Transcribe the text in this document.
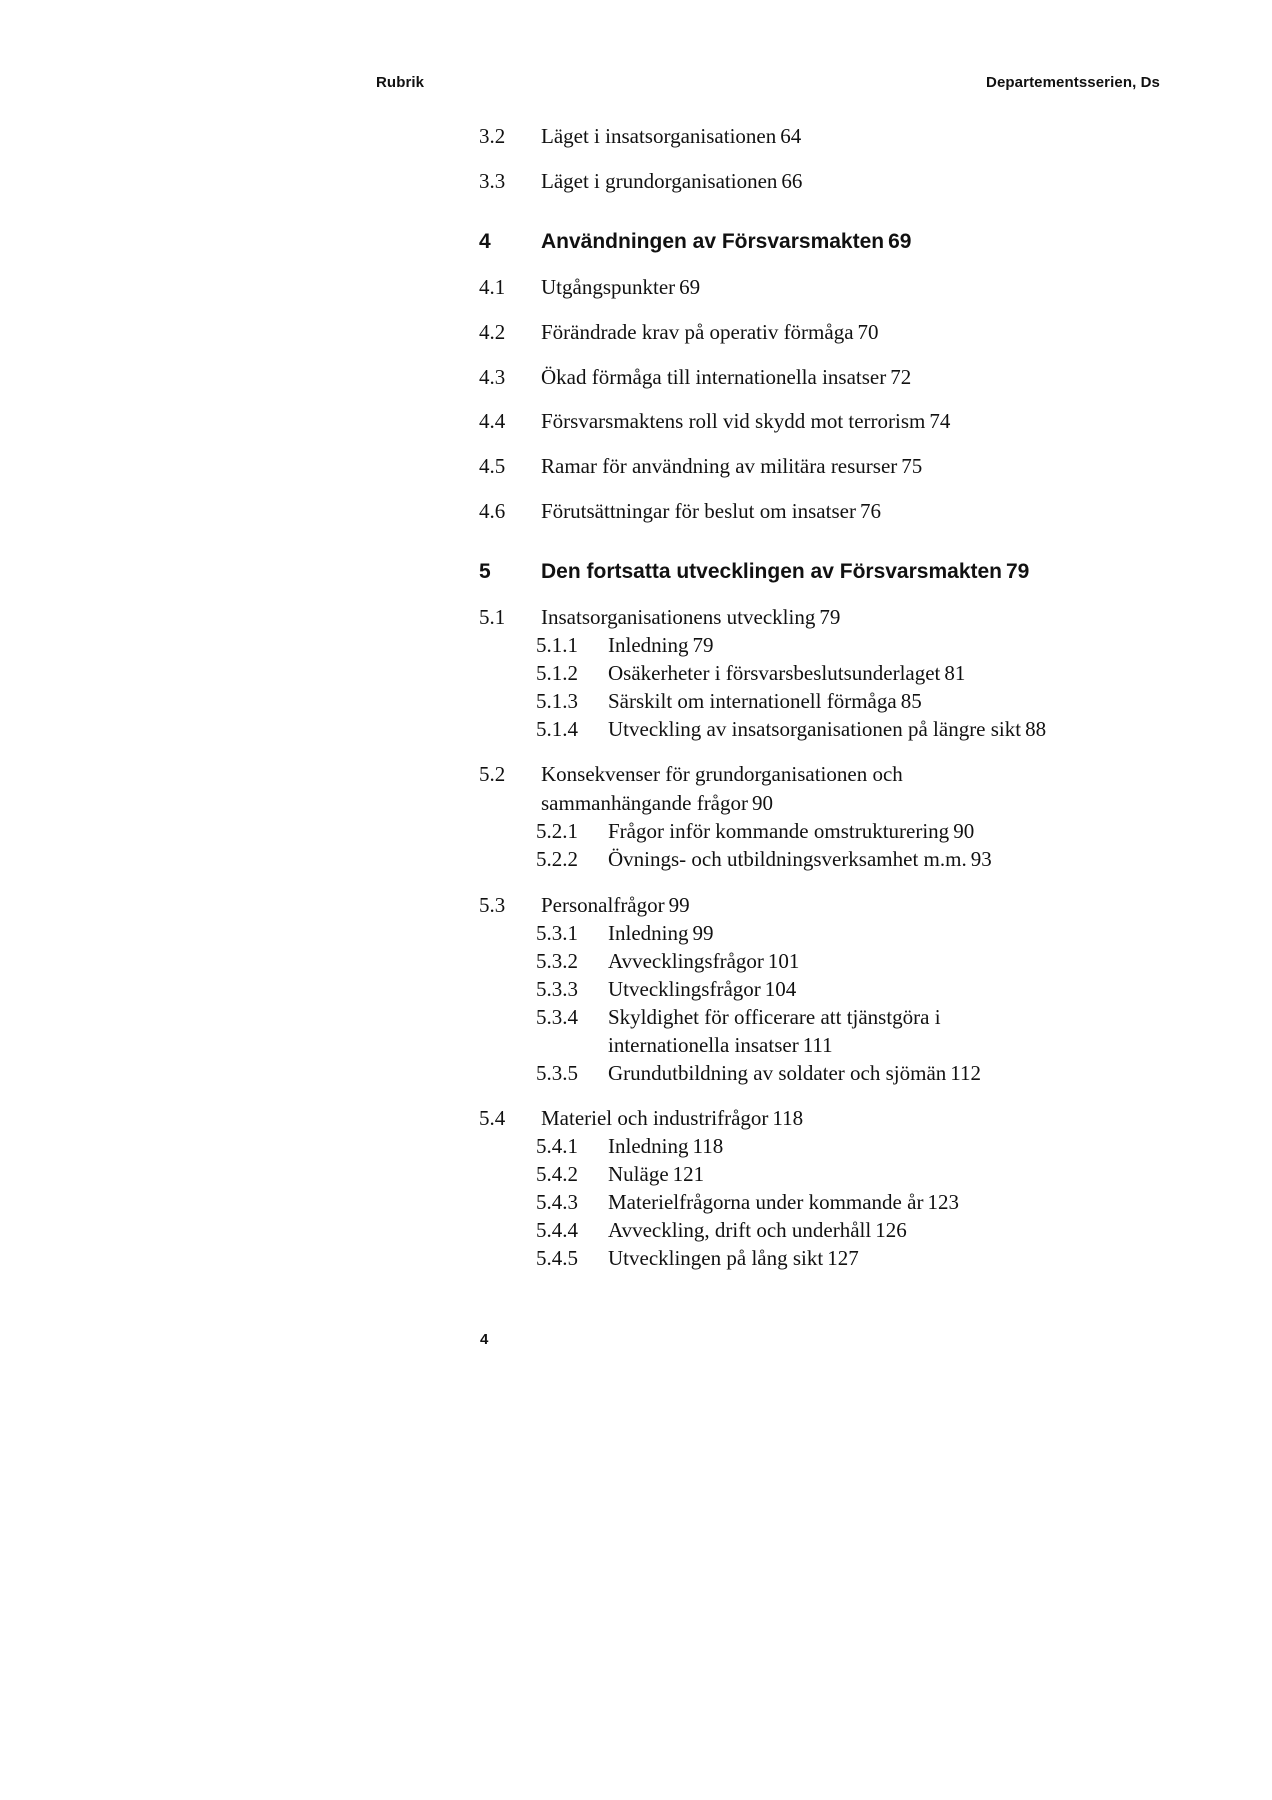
Rubrik	Departementsserien, Ds
3.2 Läget i insatsorganisationen 64
3.3 Läget i grundorganisationen 66
4 Användningen av Försvarsmakten 69
4.1 Utgångspunkter 69
4.2 Förändrade krav på operativ förmåga 70
4.3 Ökad förmåga till internationella insatser 72
4.4 Försvarsmaktens roll vid skydd mot terrorism 74
4.5 Ramar för användning av militära resurser 75
4.6 Förutsättningar för beslut om insatser 76
5 Den fortsatta utvecklingen av Försvarsmakten 79
5.1 Insatsorganisationens utveckling 79
5.1.1 Inledning 79
5.1.2 Osäkerheter i försvarsbeslutsunderlaget 81
5.1.3 Särskilt om internationell förmåga 85
5.1.4 Utveckling av insatsorganisationen på längre sikt 88
5.2 Konsekvenser för grundorganisationen och
sammanhängande frågor 90
5.2.1 Frågor inför kommande omstrukturering 90
5.2.2 Övnings- och utbildningsverksamhet m.m. 93
5.3 Personalfrågor 99
5.3.1 Inledning 99
5.3.2 Avvecklingsfrågor 101
5.3.3 Utvecklingsfrågor 104
5.3.4 Skyldighet för officerare att tjänstgöra i
internationella insatser 111
5.3.5 Grundutbildning av soldater och sjömän 112
5.4 Materiel och industrifrågor 118
5.4.1 Inledning 118
5.4.2 Nuläge 121
5.4.3 Materielfrågorna under kommande år 123
5.4.4 Avveckling, drift och underhåll 126
5.4.5 Utvecklingen på lång sikt 127
4
